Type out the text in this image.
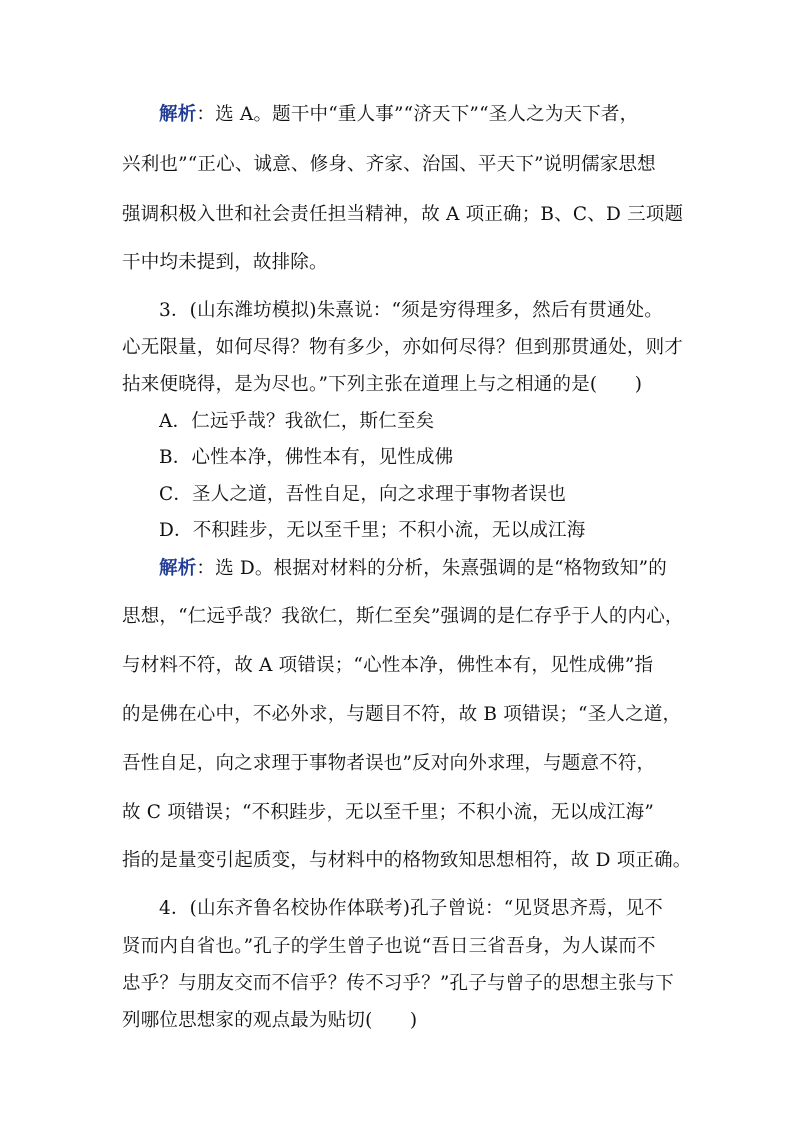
解析：选 A。题干中“重人事”“济天下”“圣人之为天下者，
兴利也”“正心、诚意、修身、齐家、治国、平天下”说明儒家思想
强调积极入世和社会责任担当精神，故 A 项正确；B、C、D 三项题
干中均未提到，故排除。
3．(山东潍坊模拟)朱熹说：“须是穷得理多，然后有贯通处。
心无限量，如何尽得？物有多少，亦如何尽得？但到那贯通处，则才
拈来便晓得，是为尽也。”下列主张在道理上与之相通的是(　　)
A．仁远乎哉？我欲仁，斯仁至矣
B．心性本净，佛性本有，见性成佛
C．圣人之道，吾性自足，向之求理于事物者误也
D．不积跬步，无以至千里；不积小流，无以成江海
解析：选 D。根据对材料的分析，朱熹强调的是“格物致知”的
思想，“仁远乎哉？我欲仁，斯仁至矣”强调的是仁存乎于人的内心，
与材料不符，故 A 项错误；“心性本净，佛性本有，见性成佛”指
的是佛在心中，不必外求，与题目不符，故 B 项错误；“圣人之道，
吾性自足，向之求理于事物者误也”反对向外求理，与题意不符，
故 C 项错误；“不积跬步，无以至千里；不积小流，无以成江海”
指的是量变引起质变，与材料中的格物致知思想相符，故 D 项正确。
4．(山东齐鲁名校协作体联考)孔子曾说：“见贤思齐焉，见不
贤而内自省也。”孔子的学生曾子也说“吾日三省吾身，为人谋而不
忠乎？与朋友交而不信乎？传不习乎？”孔子与曾子的思想主张与下
列哪位思想家的观点最为贴切(　　)
